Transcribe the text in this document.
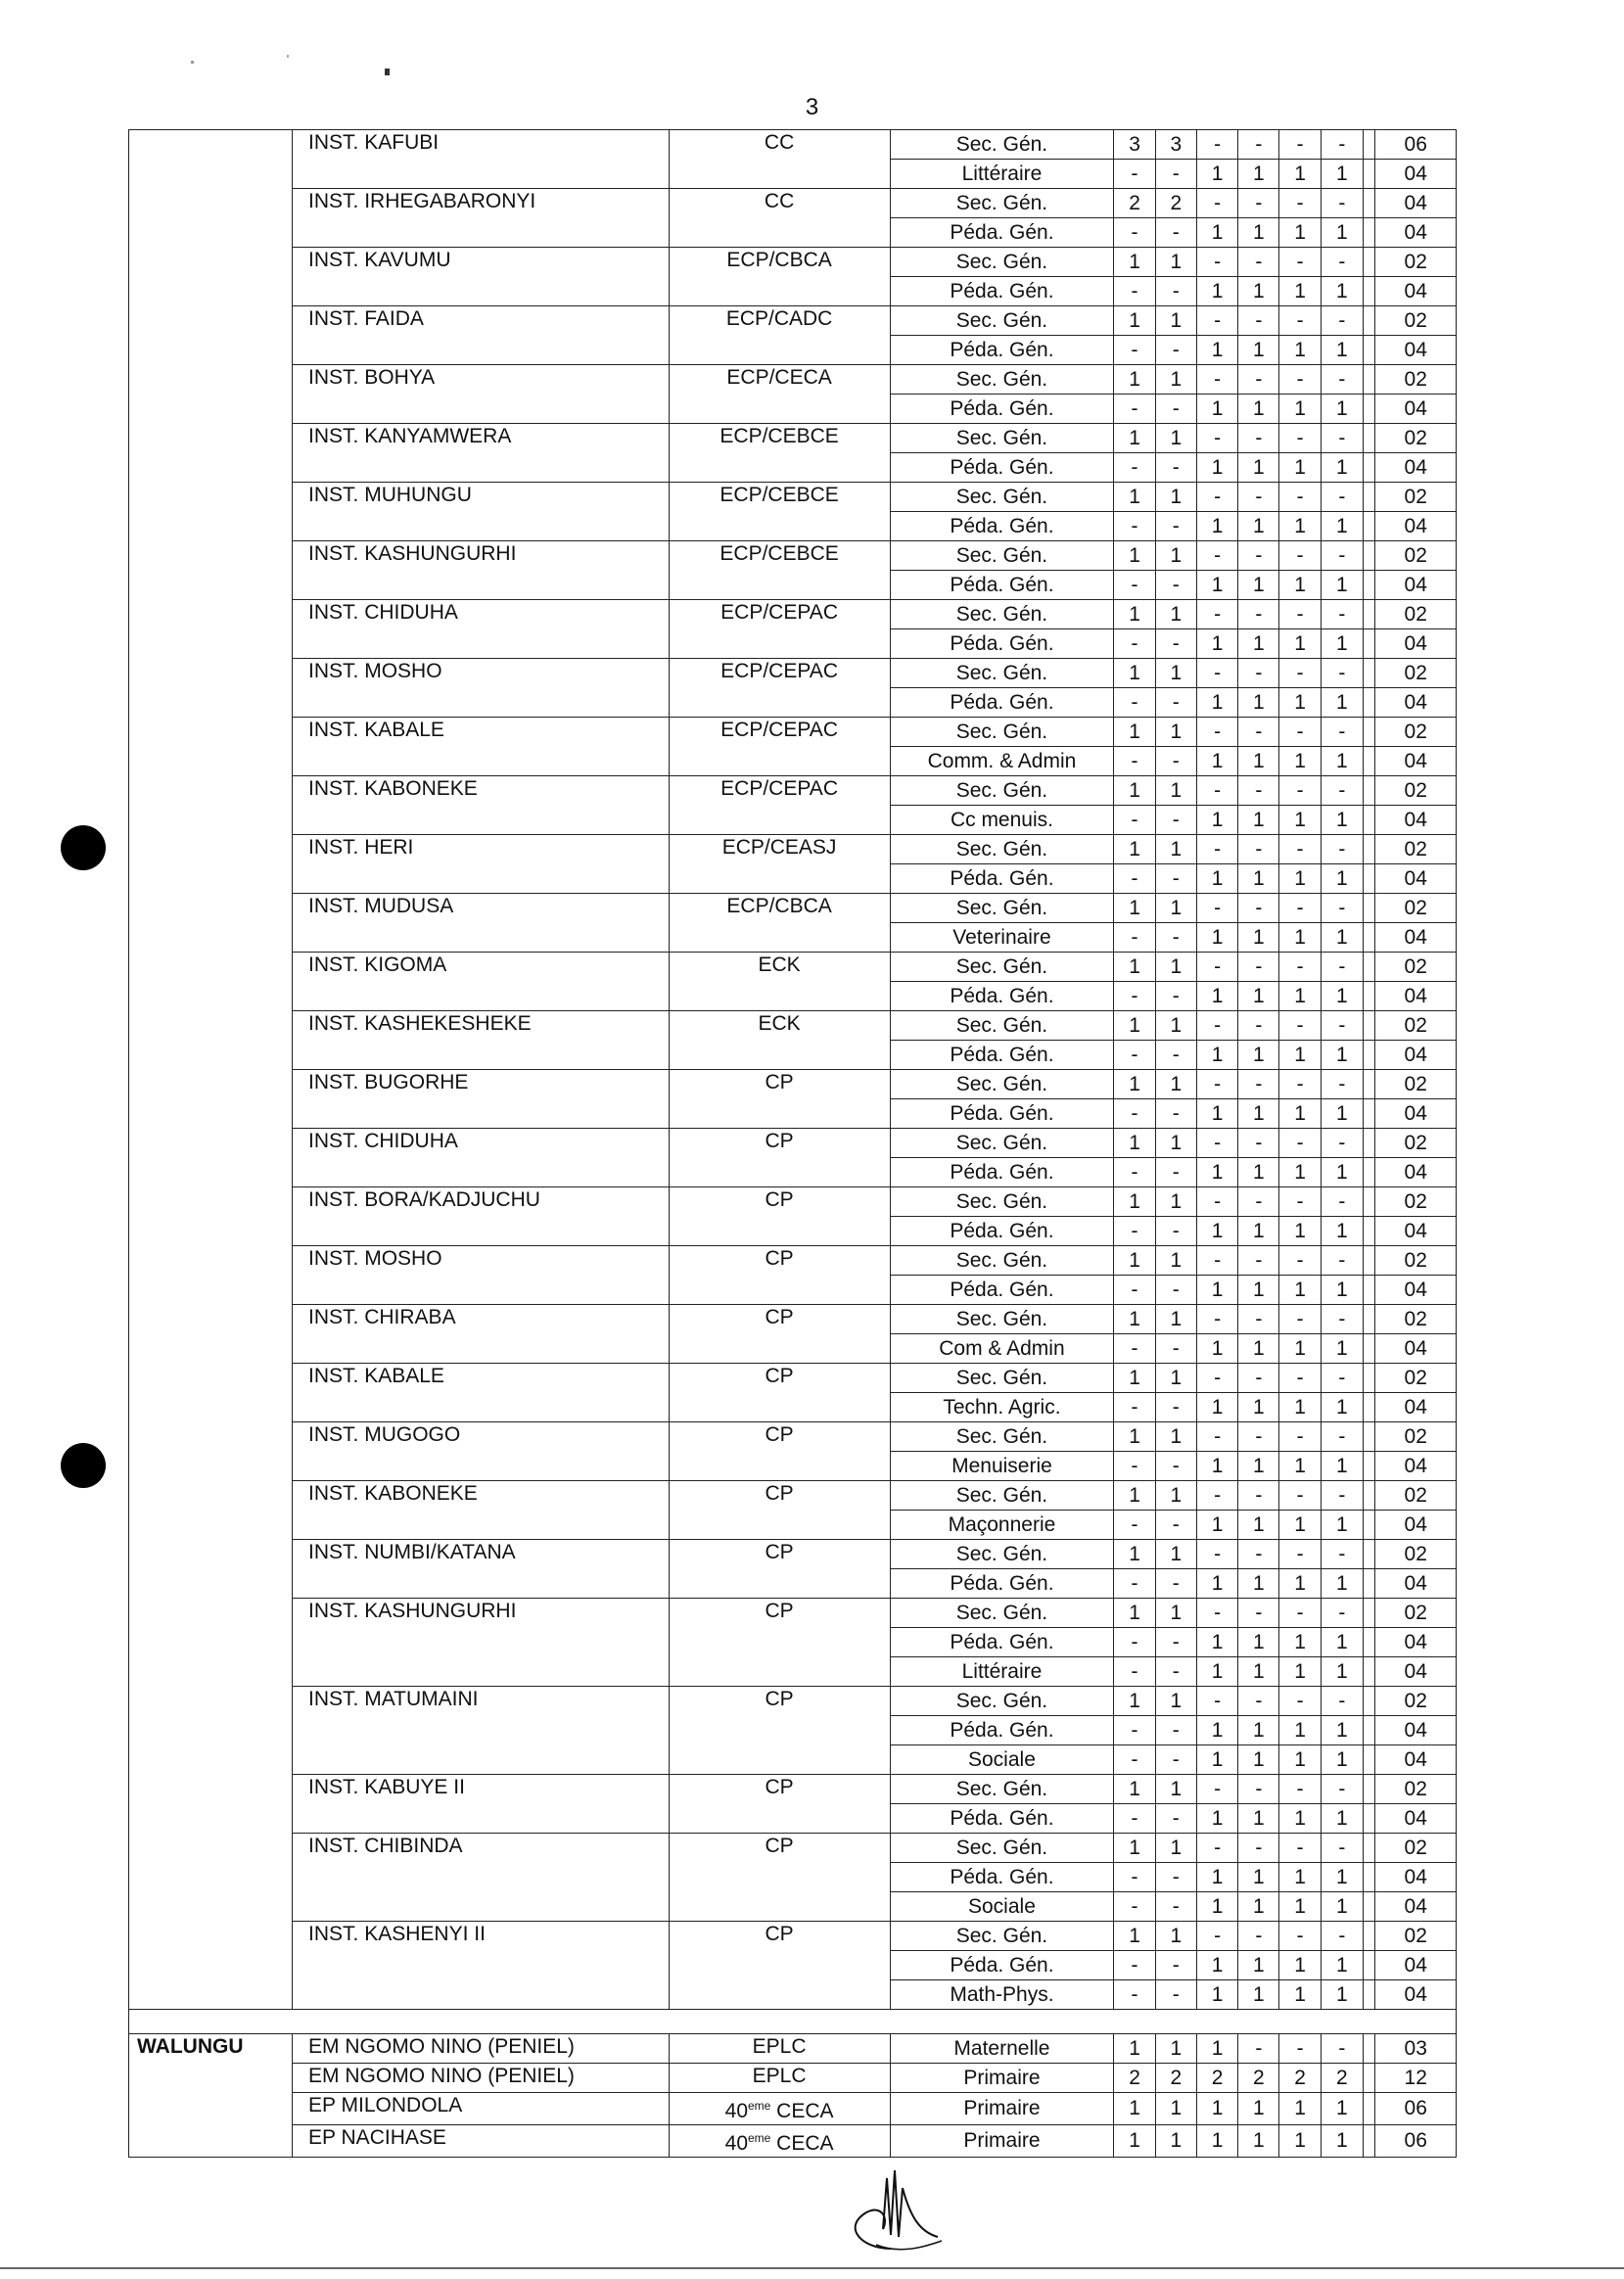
3
	INST. KAFUBI	CC	Sec. Gén.	3	3	-	-	-	-		06
			Littéraire	-	-	1	1	1	1		04
	INST. IRHEGABARONYI	CC	Sec. Gén.	2	2	-	-	-	-		04
			Péda. Gén.	-	-	1	1	1	1		04
	INST. KAVUMU	ECP/CBCA	Sec. Gén.	1	1	-	-	-	-		02
			Péda. Gén.	-	-	1	1	1	1		04
	INST. FAIDA	ECP/CADC	Sec. Gén.	1	1	-	-	-	-		02
			Péda. Gén.	-	-	1	1	1	1		04
	INST. BOHYA	ECP/CECA	Sec. Gén.	1	1	-	-	-	-		02
			Péda. Gén.	-	-	1	1	1	1		04
	INST. KANYAMWERA	ECP/CEBCE	Sec. Gén.	1	1	-	-	-	-		02
			Péda. Gén.	-	-	1	1	1	1		04
	INST. MUHUNGU	ECP/CEBCE	Sec. Gén.	1	1	-	-	-	-		02
			Péda. Gén.	-	-	1	1	1	1		04
	INST. KASHUNGURHI	ECP/CEBCE	Sec. Gén.	1	1	-	-	-	-		02
			Péda. Gén.	-	-	1	1	1	1		04
	INST. CHIDUHA	ECP/CEPAC	Sec. Gén.	1	1	-	-	-	-		02
			Péda. Gén.	-	-	1	1	1	1		04
	INST. MOSHO	ECP/CEPAC	Sec. Gén.	1	1	-	-	-	-		02
			Péda. Gén.	-	-	1	1	1	1		04
	INST. KABALE	ECP/CEPAC	Sec. Gén.	1	1	-	-	-	-		02
			Comm. & Admin	-	-	1	1	1	1		04
	INST. KABONEKE	ECP/CEPAC	Sec. Gén.	1	1	-	-	-	-		02
			Cc menuis.	-	-	1	1	1	1		04
	INST. HERI	ECP/CEASJ	Sec. Gén.	1	1	-	-	-	-		02
			Péda. Gén.	-	-	1	1	1	1		04
	INST. MUDUSA	ECP/CBCA	Sec. Gén.	1	1	-	-	-	-		02
			Veterinaire	-	-	1	1	1	1		04
	INST. KIGOMA	ECK	Sec. Gén.	1	1	-	-	-	-		02
			Péda. Gén.	-	-	1	1	1	1		04
	INST. KASHEKESHEKE	ECK	Sec. Gén.	1	1	-	-	-	-		02
			Péda. Gén.	-	-	1	1	1	1		04
	INST. BUGORHE	CP	Sec. Gén.	1	1	-	-	-	-		02
			Péda. Gén.	-	-	1	1	1	1		04
	INST. CHIDUHA	CP	Sec. Gén.	1	1	-	-	-	-		02
			Péda. Gén.	-	-	1	1	1	1		04
	INST. BORA/KADJUCHU	CP	Sec. Gén.	1	1	-	-	-	-		02
			Péda. Gén.	-	-	1	1	1	1		04
	INST. MOSHO	CP	Sec. Gén.	1	1	-	-	-	-		02
			Péda. Gén.	-	-	1	1	1	1		04
	INST. CHIRABA	CP	Sec. Gén.	1	1	-	-	-	-		02
			Com & Admin	-	-	1	1	1	1		04
	INST. KABALE	CP	Sec. Gén.	1	1	-	-	-	-		02
			Techn. Agric.	-	-	1	1	1	1		04
	INST. MUGOGO	CP	Sec. Gén.	1	1	-	-	-	-		02
			Menuiserie	-	-	1	1	1	1		04
	INST. KABONEKE	CP	Sec. Gén.	1	1	-	-	-	-		02
			Maçonnerie	-	-	1	1	1	1		04
	INST. NUMBI/KATANA	CP	Sec. Gén.	1	1	-	-	-	-		02
			Péda. Gén.	-	-	1	1	1	1		04
	INST. KASHUNGURHI	CP	Sec. Gén.	1	1	-	-	-	-		02
			Péda. Gén.	-	-	1	1	1	1		04
			Littéraire	-	-	1	1	1	1		04
	INST. MATUMAINI	CP	Sec. Gén.	1	1	-	-	-	-		02
			Péda. Gén.	-	-	1	1	1	1		04
			Sociale	-	-	1	1	1	1		04
	INST. KABUYE II	CP	Sec. Gén.	1	1	-	-	-	-		02
			Péda. Gén.	-	-	1	1	1	1		04
	INST. CHIBINDA	CP	Sec. Gén.	1	1	-	-	-	-		02
			Péda. Gén.	-	-	1	1	1	1		04
			Sociale	-	-	1	1	1	1		04
	INST. KASHENYI II	CP	Sec. Gén.	1	1	-	-	-	-		02
			Péda. Gén.	-	-	1	1	1	1		04
			Math-Phys.	-	-	1	1	1	1		04

WALUNGU	EM NGOMO NINO (PENIEL)	EPLC	Maternelle	1	1	1	-	-	-		03
	EM NGOMO NINO (PENIEL)	EPLC	Primaire	2	2	2	2	2	2		12
	EP MILONDOLA	40eme CECA	Primaire	1	1	1	1	1	1		06
	EP NACIHASE	40eme CECA	Primaire	1	1	1	1	1	1		06
